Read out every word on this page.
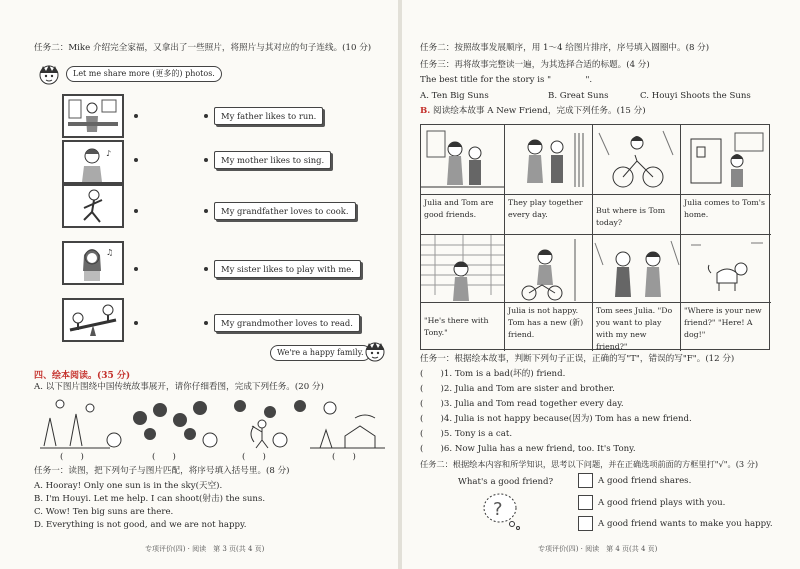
任务二：Mike 介绍完全家福，又拿出了一些照片，将照片与其对应的句子连线。(10 分)
Let me share more (更多的) photos.
♪
♫
My father likes to run.
My mother likes to sing.
My grandfather loves to cook.
My sister likes to play with me.
My grandmother loves to read.
We're a happy family.
四、绘本阅读。(35 分)
A. 以下图片围绕中国传统故事展开，请你仔细看图，完成下列任务。(20 分)
(　　)	(　　)	(　　)	(　　)
任务一：读图，把下列句子与图片匹配，将序号填入括号里。(8 分)
A. Hooray! Only one sun is in the sky(天空).
B. I'm Houyi. Let me help. I can shoot(射击) the suns.
C. Wow! Ten big suns are there.
D. Everything is not good, and we are not happy.
专项评价(四) · 阅读　第 3 页(共 4 页)
任务二：按照故事发展顺序，用 1～4 给图片排序，序号填入圆圈中。(8 分)
任务三：再将故事完整读一遍，为其选择合适的标题。(4 分)
The best title for the story is "　　　　".
A. Ten Big Suns	B. Great Suns	C. Houyi Shoots the Suns
B. 阅读绘本故事 A New Friend，完成下列任务。(15 分)
Julia and Tom are good friends.
They play together every day.	But where is Tom today?
Julia comes to Tom's home.
"He's there with Tony."
Julia is not happy. Tom has a new (新) friend.
Tom sees Julia. "Do you want to play with my new friend?"
"Where is your new friend?" "Here! A dog!"
任务一：根据绘本故事，判断下列句子正误，正确的写"T"，错误的写"F"。(12 分)
(　　)1. Tom is a bad(坏的) friend.
(　　)2. Julia and Tom are sister and brother.
(　　)3. Julia and Tom read together every day.
(　　)4. Julia is not happy because(因为) Tom has a new friend.
(　　)5. Tony is a cat.
(　　)6. Now Julia has a new friend, too. It's Tony.
任务二：根据绘本内容和所学知识，思考以下问题，并在正确选项前面的方框里打"√"。(3 分)
What's a good friend?
?
A good friend shares.
A good friend plays with you.
A good friend wants to make you happy.
专项评价(四) · 阅读　第 4 页(共 4 页)
